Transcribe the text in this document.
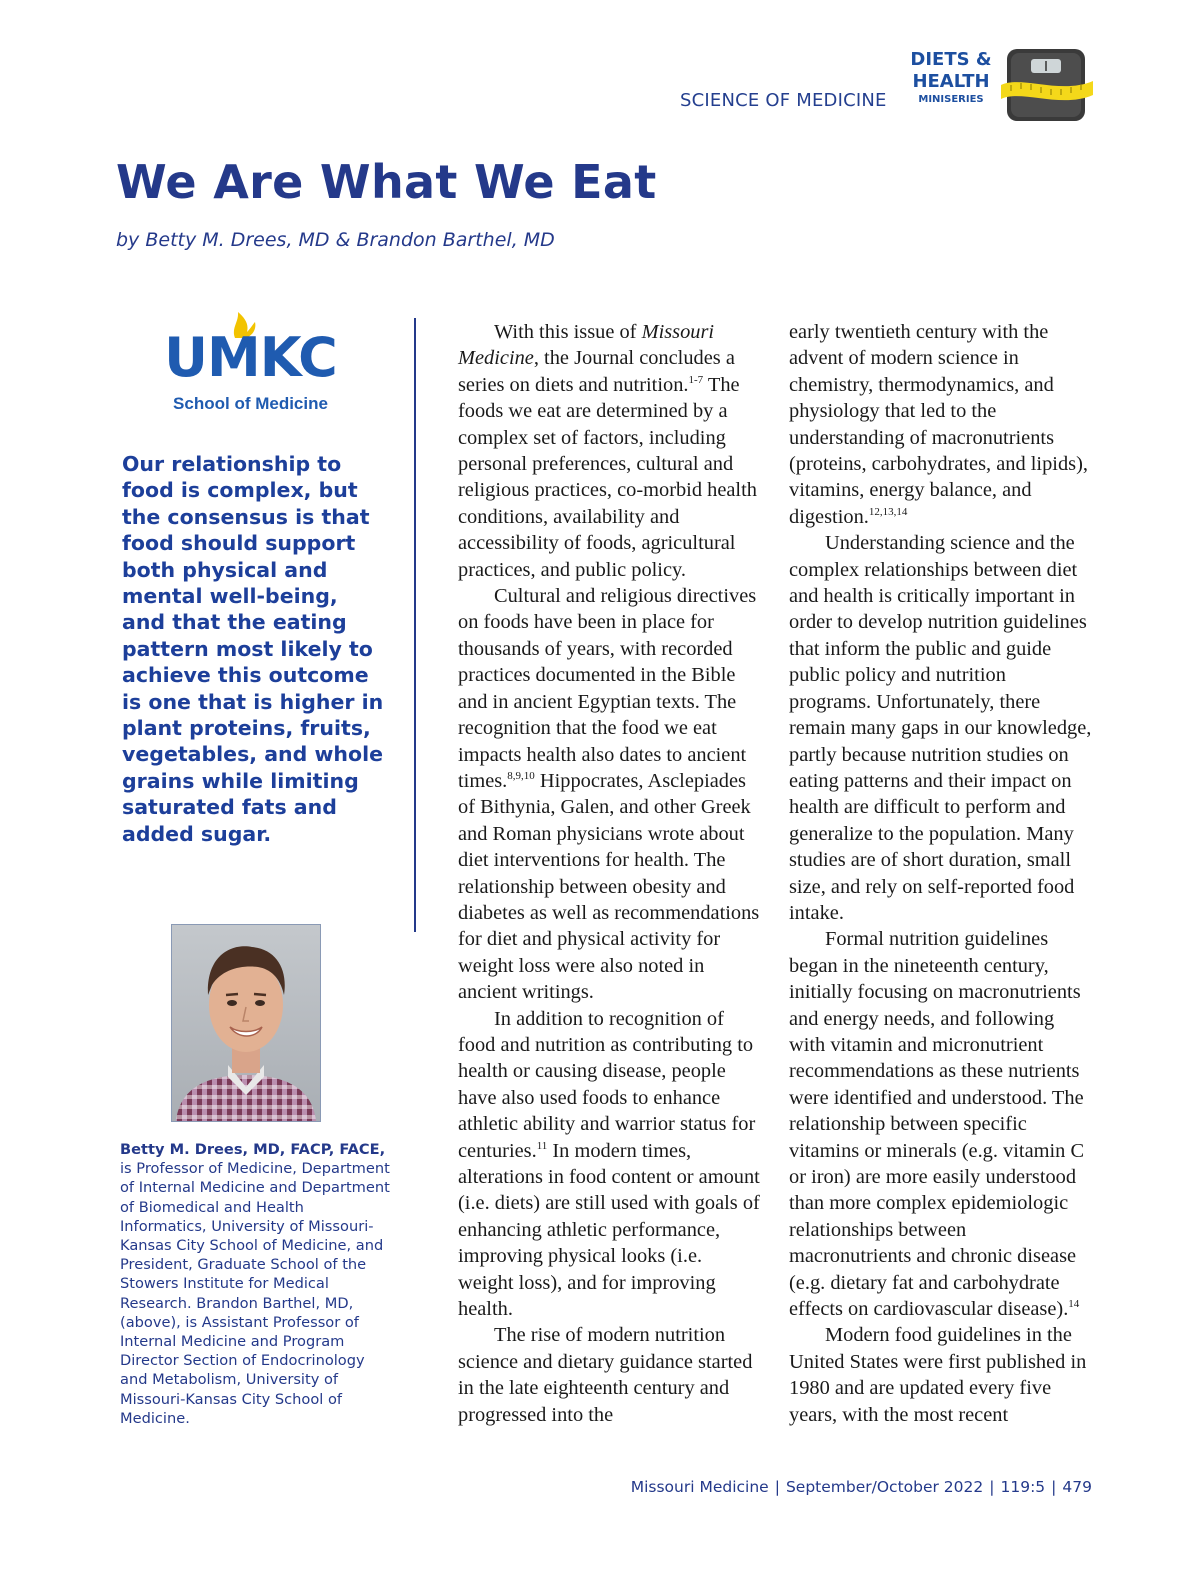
SCIENCE OF MEDICINE
DIETS &
HEALTH
MINISERIES
We Are What We Eat
by Betty M. Drees, MD & Brandon Barthel, MD
UMKC
School of Medicine

Our relationship to food is complex, but the consensus is that food should support both physical and mental well-being, and that the eating pattern most likely to achieve this outcome is one that is higher in plant proteins, fruits, vegetables, and whole grains while limiting saturated fats and added sugar.

Betty M. Drees, MD, FACP, FACE, is Professor of Medicine, Department of Internal Medicine and Department of Biomedical and Health Informatics, University of Missouri-Kansas City School of Medicine, and President, Graduate School of the Stowers Institute for Medical Research. Brandon Barthel, MD, (above), is Assistant Professor of Internal Medicine and Program Director Section of Endocrinology and Metabolism, University of Missouri-Kansas City School of Medicine.

With this issue of Missouri Medicine, the Journal concludes a series on diets and nutrition.$^{1-7}$ The foods we eat are determined by a complex set of factors, including personal preferences, cultural and religious practices, co-morbid health conditions, availability and accessibility of foods, agricultural practices, and public policy.

Cultural and religious directives on foods have been in place for thousands of years, with recorded practices documented in the Bible and in ancient Egyptian texts. The recognition that the food we eat impacts health also dates to ancient times.$^{8,9,10}$ Hippocrates, Asclepiades of Bithynia, Galen, and other Greek and Roman physicians wrote about diet interventions for health. The relationship between obesity and diabetes as well as recommendations for diet and physical activity for weight loss were also noted in ancient writings.

In addition to recognition of food and nutrition as contributing to health or causing disease, people have also used foods to enhance athletic ability and warrior status for centuries.$^{11}$ In modern times, alterations in food content or amount (i.e. diets) are still used with goals of enhancing athletic performance, improving physical looks (i.e. weight loss), and for improving health.

The rise of modern nutrition science and dietary guidance started in the late eighteenth century and progressed into the

early twentieth century with the advent of modern science in chemistry, thermodynamics, and physiology that led to the understanding of macronutrients (proteins, carbohydrates, and lipids), vitamins, energy balance, and digestion.$^{12,13,14}$

Understanding science and the complex relationships between diet and health is critically important in order to develop nutrition guidelines that inform the public and guide public policy and nutrition programs. Unfortunately, there remain many gaps in our knowledge, partly because nutrition studies on eating patterns and their impact on health are difficult to perform and generalize to the population. Many studies are of short duration, small size, and rely on self-reported food intake.

Formal nutrition guidelines began in the nineteenth century, initially focusing on macronutrients and energy needs, and following with vitamin and micronutrient recommendations as these nutrients were identified and understood. The relationship between specific vitamins or minerals (e.g. vitamin C or iron) are more easily understood than more complex epidemiologic relationships between macronutrients and chronic disease (e.g. dietary fat and carbohydrate effects on cardiovascular disease).$^{14}$

Modern food guidelines in the United States were first published in 1980 and are updated every five years, with the most recent

Missouri Medicine | September/October 2022 | 119:5 | 479
